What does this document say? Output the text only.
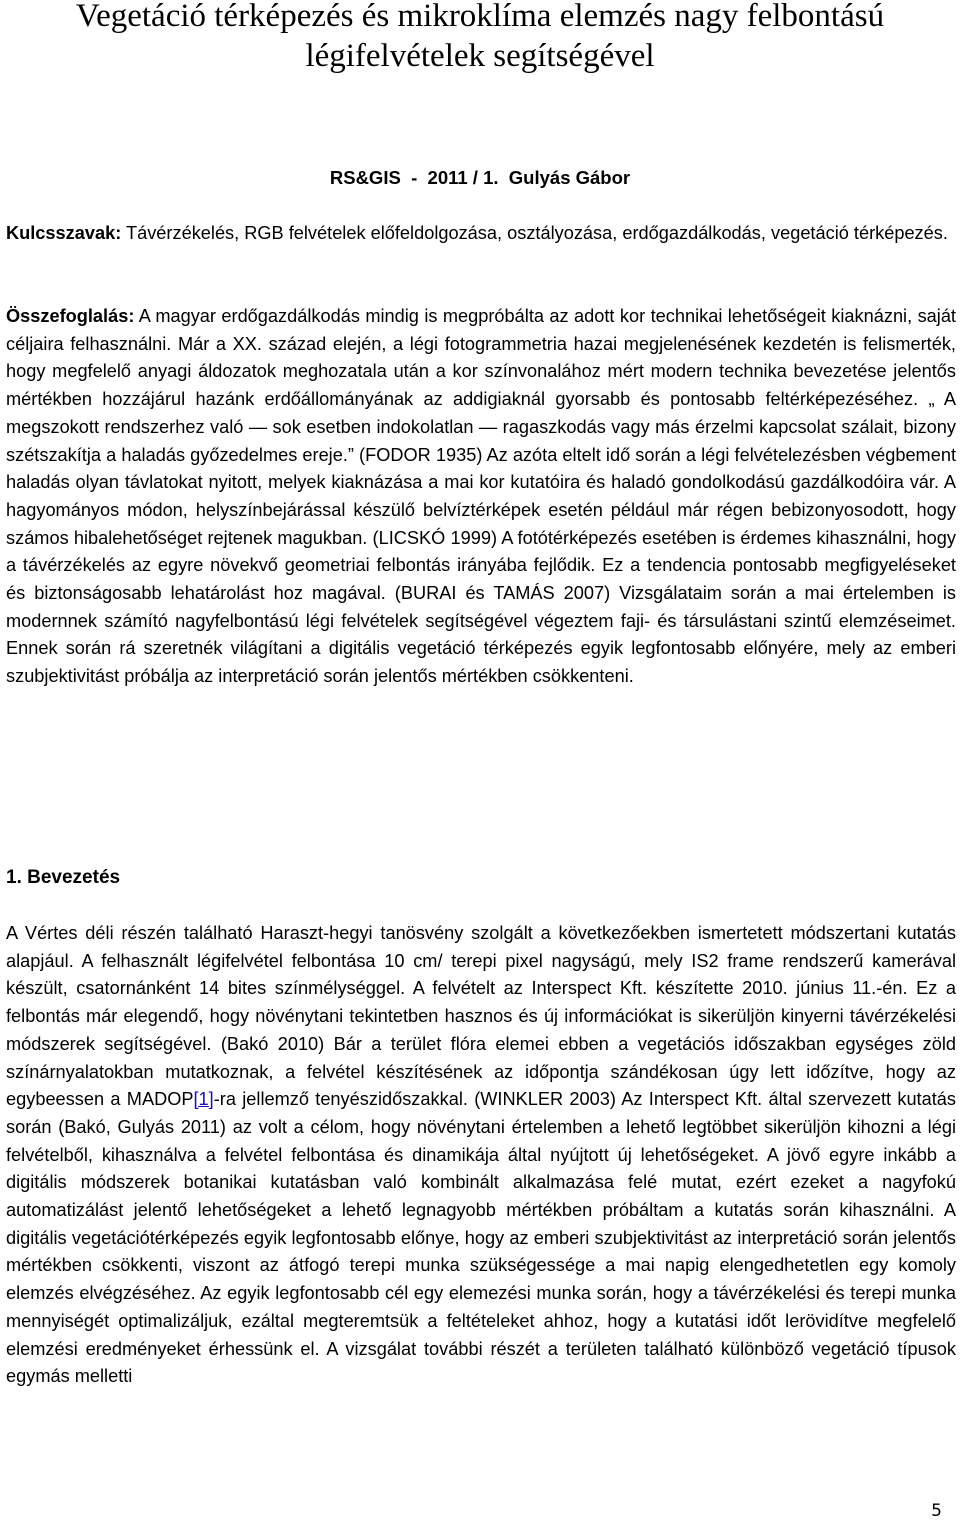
Vegetáció térképezés és mikroklíma elemzés nagy felbontású légifelvételek segítségével
RS&GIS  -  2011 / 1.  Gulyás Gábor

Kulcsszavak: Távérzékelés, RGB felvételek előfeldolgozása, osztályozása, erdőgazdálkodás, vegetáció térképezés.

Összefoglalás: A magyar erdőgazdálkodás mindig is megpróbálta az adott kor technikai lehetőségeit kiaknázni, saját céljaira felhasználni. Már a XX. század elején, a légi fotogrammetria hazai megjelenésének kezdetén is felismerték, hogy megfelelő anyagi áldozatok meghozatala után a kor színvonalához mért modern technika bevezetése jelentős mértékben hozzájárul hazánk erdőállományának az addigiaknál gyorsabb és pontosabb feltérképezéséhez. „ A megszokott rendszerhez való — sok esetben indokolatlan — ragaszkodás vagy más érzelmi kapcsolat szálait, bizony szétszakítja a haladás győzedelmes ereje.” (FODOR 1935) Az azóta eltelt idő során a légi felvételezésben végbement haladás olyan távlatokat nyitott, melyek kiaknázása a mai kor kutatóira és haladó gondolkodású gazdálkodóira vár. A hagyományos módon, helyszínbejárással készülő belvíztérképek esetén például már régen bebizonyosodott, hogy számos hibalehetőséget rejtenek magukban. (LICSKÓ 1999) A fotótérképezés esetében is érdemes kihasználni, hogy a távérzékelés az egyre növekvő geometriai felbontás irányába fejlődik. Ez a tendencia pontosabb megfigyeléseket és biztonságosabb lehatárolást hoz magával. (BURAI és TAMÁS 2007) Vizsgálataim során a mai értelemben is modernnek számító nagyfelbontású légi felvételek segítségével végeztem faji- és társulástani szintű elemzéseimet. Ennek során rá szeretnék világítani a digitális vegetáció térképezés egyik legfontosabb előnyére, mely az emberi szubjektivitást próbálja az interpretáció során jelentős mértékben csökkenteni.

1. Bevezetés

A Vértes déli részén található Haraszt-hegyi tanösvény szolgált a következőekben ismertetett módszertani kutatás alapjául. A felhasznált légifelvétel felbontása 10 cm/ terepi pixel nagyságú, mely IS2 frame rendszerű kamerával készült, csatornánként 14 bites színmélységgel. A felvételt az Interspect Kft. készítette 2010. június 11.-én. Ez a felbontás már elegendő, hogy növénytani tekintetben hasznos és új információkat is sikerüljön kinyerni távérzékelési módszerek segítségével. (Bakó 2010) Bár a terület flóra elemei ebben a vegetációs időszakban egységes zöld színárnyalatokban mutatkoznak, a felvétel készítésének az időpontja szándékosan úgy lett időzítve, hogy az egybeessen a MADOP[1]-ra jellemző tenyészidőszakkal. (WINKLER 2003) Az Interspect Kft. által szervezett kutatás során (Bakó, Gulyás 2011) az volt a célom, hogy növénytani értelemben a lehető legtöbbet sikerüljön kihozni a légi felvételből, kihasználva a felvétel felbontása és dinamikája által nyújtott új lehetőségeket. A jövő egyre inkább a digitális módszerek botanikai kutatásban való kombinált alkalmazása felé mutat, ezért ezeket a nagyfokú automatizálást jelentő lehetőségeket a lehető legnagyobb mértékben próbáltam a kutatás során kihasználni. A digitális vegetációtérképezés egyik legfontosabb előnye, hogy az emberi szubjektivitást az interpretáció során jelentős mértékben csökkenti, viszont az átfogó terepi munka szükségessége a mai napig elengedhetetlen egy komoly elemzés elvégzéséhez. Az egyik legfontosabb cél egy elemezési munka során, hogy a távérzékelési és terepi munka mennyiségét optimalizáljuk, ezáltal megteremtsük a feltételeket ahhoz, hogy a kutatási időt lerövidítve megfelelő elemzési eredményeket érhessünk el. A vizsgálat további részét a területen található különböző vegetáció típusok egymás melletti

5
